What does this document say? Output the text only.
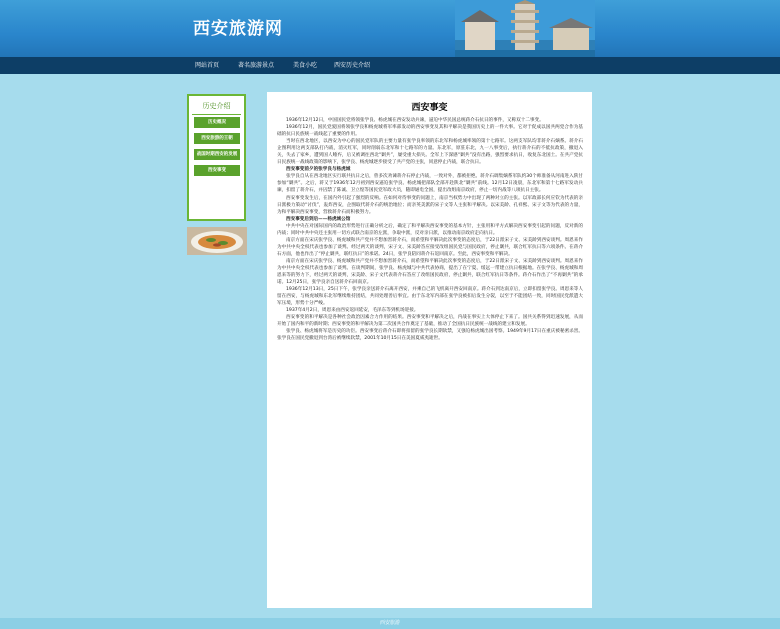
西安旅游网
网站首页	著名旅游景点	美食小吃	西安历史介绍
历史介绍
历史概况
西安旅游的王朝
战国时期西安的发展
西安事变
西安事变

1936年12月12日，中国国民党将领张学良、杨虎城在西安发动兵谏，逼迫中华民国总统蒋介石抗日的事件，又称双十二事变。

1936年12月，国民党爱国将领张学良和杨虎城将军率部发动的西安事变及其和平解决是我国历史上的一件大事。它对于促成以国共两党合作为基础的抗日民族统一战线起了重要的作用。

当时在西北地区，以西安为中心的国民党军队的主要力量有张学良率领的东北军和杨虎城率领的第十七路军。这两支军队均非蒋介石嫡系。蒋介石企图利用这两支部队打内战，消灭红军，同时削弱东北军和十七路军的力量。东北军，原驻东北，九一八事变后，执行蒋介石的不抵抗政策，撤退入关，失去了家乡，遭到国人唾弃，后又被调往西北“剿共”，屡受重大损失。全军上下深感“剿共”没有出路，强烈要求抗日，收复东北国土。在共产党抗日民族统一战线政策的影响下，张学良、杨虎城逐步接受了共产党的主张，同意停止内战，联合抗日。

西安事变前夕的张学良与杨虎城

张学良自从在西北地区实行联共抗日之后，曾多次劝谏蒋介石停止内战，一致对外，都被拒绝。蒋介石调集嫡系军队约30个师准备从河南进入陕甘参加“剿共”。之后，蒋又于1936年12月初到西安逼迫张学良、杨虎城把部队全部开赴陕北“剿共”前线。12月12日凌晨，东北军和第十七路军发动兵谏，扣留了蒋介石，并囚禁了陈诚、卫立煌等国民党军政大员，随即通电全国，提出改组南京政府，停止一切内战等八项抗日主张。

西安事变发生后，在国内外引起了强烈的反响。在如何对待事变的问题上，南京当权势力中出现了两种对立的主张。以军政部长何应钦为代表的亲日派极力策动“讨伐”，轰炸西安，企图取代蒋介石的统治地位；而亲英美派的宋子文等人主张和平解决。以宋美龄、孔祥熙、宋子文等为代表的力量，为和平解决西安事变，营救蒋介石而积极努力。

西安事变后到后——杨虎城公馆

中共中央在对国际国内的政治形势进行正确分析之后，确定了和平解决西安事变的基本方针，主张用和平方式解决西安事变引起的问题，反对新的内战；同时中共中央还主张用一切方式联合南京的左派，争取中派，反对亲日派，以推动南京政府走向抗日。

南京方面在宋庆张学良、杨虎城和共产党并不想加害蒋介石，而希望和平解决此次事变的态度后，于22日派宋子文、宋美龄到西安谈判。周恩来作为中共中央全权代表也参加了谈判。经过两天的谈判，宋子文、宋美龄答应接受改组国民党与国民政府，停止剿共，联合红军抗日等六项条件。在蒋介石方面，他也作出了“停止剿共，联红抗日”的承诺。24日，张学良陪同蒋介石返回南京。至此，西安事变和平解决。

南京方面在宋庆张学良、杨虎城和共产党并不想加害蒋介石，而希望和平解决此次事变的态度后，于22日派宋子文、宋美龄到西安谈判。周恩来作为中共中央全权代表也参加了谈判。在谈判期间，张学良、杨虎城与中共代表协商，提出了在宁夏、绥远一带建立抗日根据地。在张学良、杨虎城和周恩来等的努力下，经过两天的谈判，宋美龄、宋子文代表蒋介石答应了改组国民政府，停止剿共，联合红军抗日等条件。蒋介石作出了“不再剿共”的承诺。12月25日，张学良亲自送蒋介石回南京。

1936年12月13日，25日下午，张学良亲送蒋介石离开西安，并乘自己的飞机离开西安回南京。蒋介石到达南京后，立即扣留张学良。周恩来等人留在西安，与杨虎城和东北军继续维持团结，共同处理善后事宜。由于东北军内部在张学良被扣后发生分裂，以至于不能团结一致，同时国民党派遣大军压境，形势十分严峻。

1937年4月2日，周恩来由西安返回延安，毛泽东等到机场迎接。

西安事变的和平解决是各种社会政治因素合力作用的结果。西安事变和平解决之后，内战在事实上大体停止下来了。国共关系得到迅速发展，从而开始了国内和平的新时期；西安事变的和平解决为第二次国共合作奠定了基础，推动了全国抗日民族统一战线的建立和发展。

张学良、杨虎城将军是历史的功臣。西安事变后蒋介石即将扣留的张学良长期软禁，又强迫杨虎城出国考察。1949年9月17日在重庆被秘密杀害。张学良在国民党撤退到台湾后被继续软禁，2001年10月15日在美国夏威夷逝世。

西安旅游
